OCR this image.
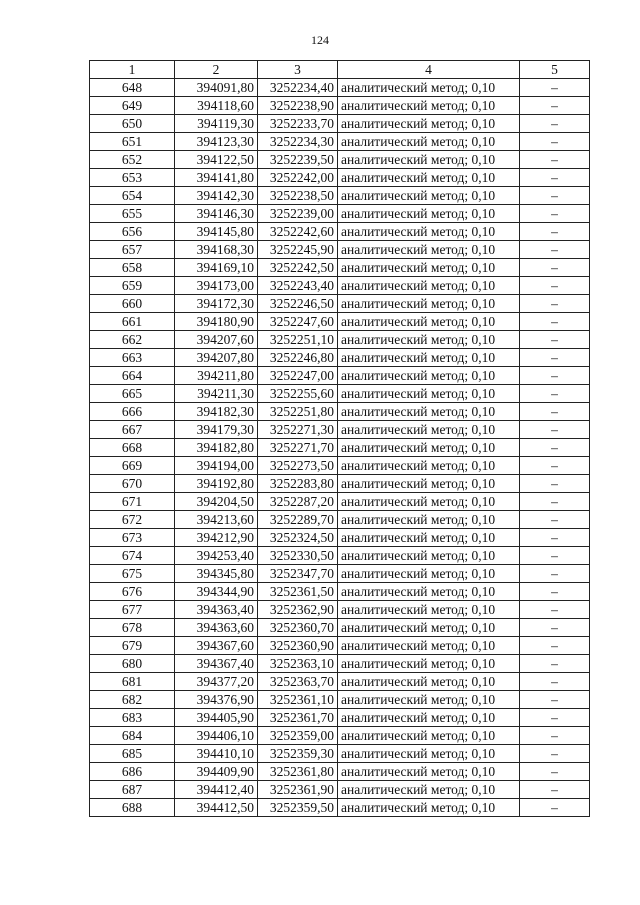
124
1	2	3	4	5
648	394091,80	3252234,40	аналитический метод; 0,10	–
649	394118,60	3252238,90	аналитический метод; 0,10	–
650	394119,30	3252233,70	аналитический метод; 0,10	–
651	394123,30	3252234,30	аналитический метод; 0,10	–
652	394122,50	3252239,50	аналитический метод; 0,10	–
653	394141,80	3252242,00	аналитический метод; 0,10	–
654	394142,30	3252238,50	аналитический метод; 0,10	–
655	394146,30	3252239,00	аналитический метод; 0,10	–
656	394145,80	3252242,60	аналитический метод; 0,10	–
657	394168,30	3252245,90	аналитический метод; 0,10	–
658	394169,10	3252242,50	аналитический метод; 0,10	–
659	394173,00	3252243,40	аналитический метод; 0,10	–
660	394172,30	3252246,50	аналитический метод; 0,10	–
661	394180,90	3252247,60	аналитический метод; 0,10	–
662	394207,60	3252251,10	аналитический метод; 0,10	–
663	394207,80	3252246,80	аналитический метод; 0,10	–
664	394211,80	3252247,00	аналитический метод; 0,10	–
665	394211,30	3252255,60	аналитический метод; 0,10	–
666	394182,30	3252251,80	аналитический метод; 0,10	–
667	394179,30	3252271,30	аналитический метод; 0,10	–
668	394182,80	3252271,70	аналитический метод; 0,10	–
669	394194,00	3252273,50	аналитический метод; 0,10	–
670	394192,80	3252283,80	аналитический метод; 0,10	–
671	394204,50	3252287,20	аналитический метод; 0,10	–
672	394213,60	3252289,70	аналитический метод; 0,10	–
673	394212,90	3252324,50	аналитический метод; 0,10	–
674	394253,40	3252330,50	аналитический метод; 0,10	–
675	394345,80	3252347,70	аналитический метод; 0,10	–
676	394344,90	3252361,50	аналитический метод; 0,10	–
677	394363,40	3252362,90	аналитический метод; 0,10	–
678	394363,60	3252360,70	аналитический метод; 0,10	–
679	394367,60	3252360,90	аналитический метод; 0,10	–
680	394367,40	3252363,10	аналитический метод; 0,10	–
681	394377,20	3252363,70	аналитический метод; 0,10	–
682	394376,90	3252361,10	аналитический метод; 0,10	–
683	394405,90	3252361,70	аналитический метод; 0,10	–
684	394406,10	3252359,00	аналитический метод; 0,10	–
685	394410,10	3252359,30	аналитический метод; 0,10	–
686	394409,90	3252361,80	аналитический метод; 0,10	–
687	394412,40	3252361,90	аналитический метод; 0,10	–
688	394412,50	3252359,50	аналитический метод; 0,10	–
